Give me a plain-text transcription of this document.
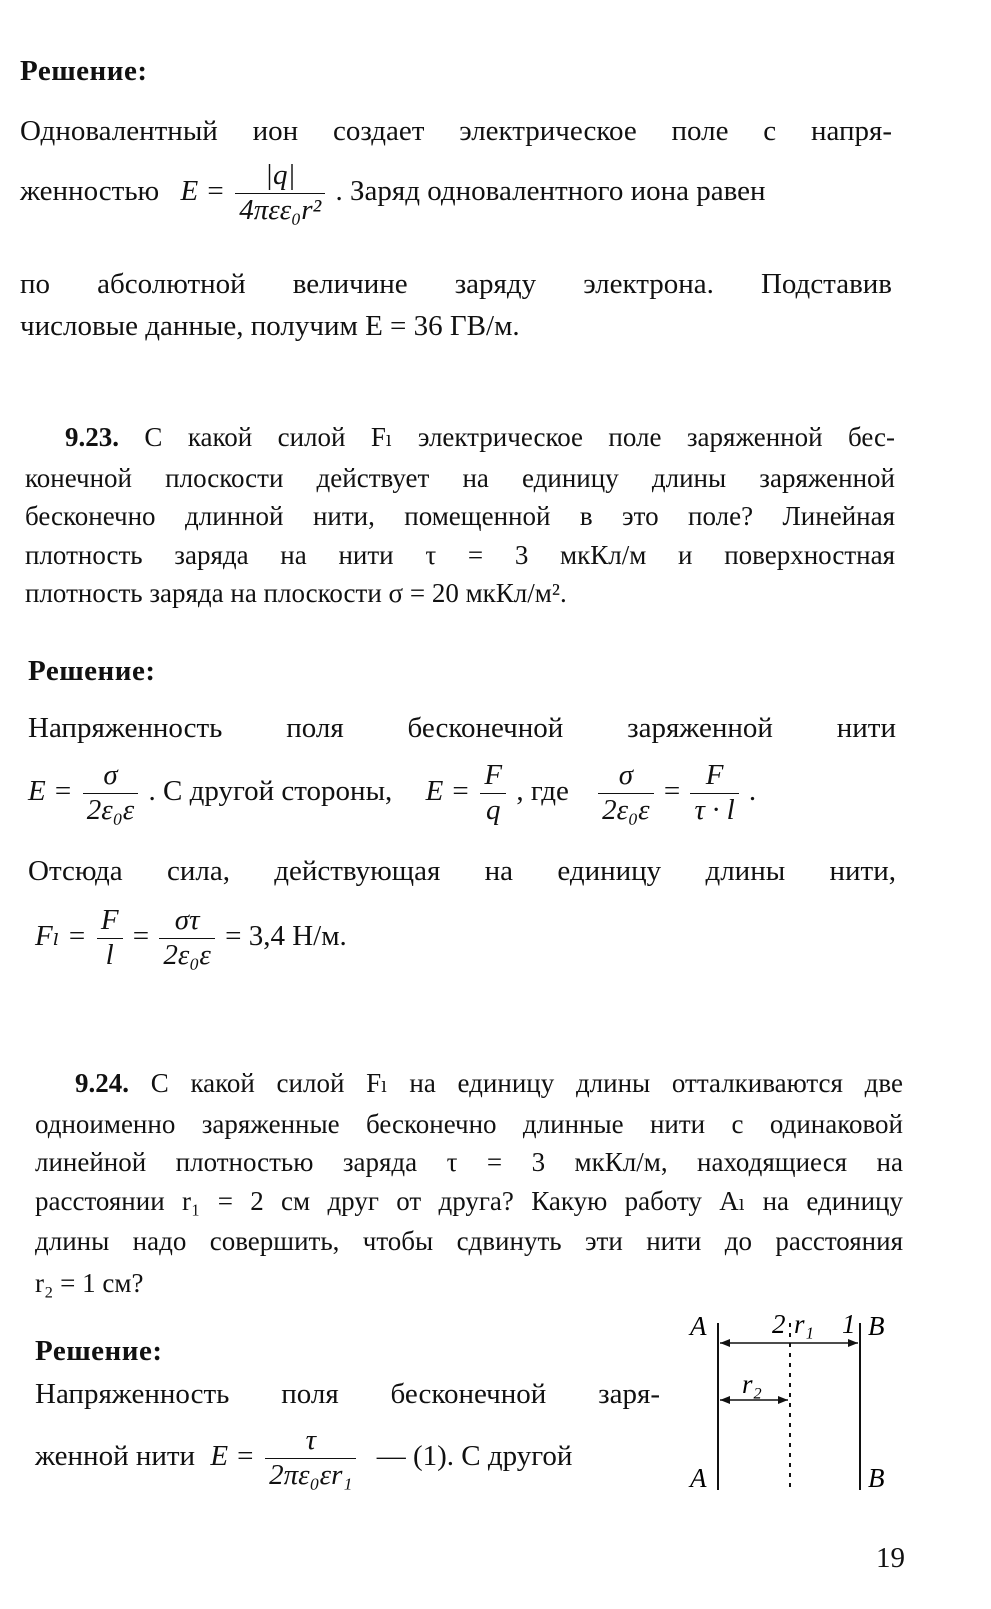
Решение:
Одновалентный ион создает электрическое поле с напря-
женностью $E = \frac{|q|}{\text{4πεε₀r²}}$ . Заряд одновалентного иона равен
по абсолютной величине заряду электрона. Подставив
числовые данные, получим E = 36 ГВ/м.
9.23. С какой силой Fₗ электрическое поле заряженной бес-
конечной плоскости действует на единицу длины заряженной
бесконечно длинной нити, помещенной в это поле? Линейная
плотность заряда на нити τ = 3 мкКл/м и поверхностная
плотность заряда на плоскости σ = 20 мкКл/м².
Решение:
Напряженность поля бесконечной заряженной нити
$E = \frac{\sigma}{\text{2ε₀ε}}$ . С другой стороны, $E = \frac{F}{q}$ , где $\frac{\sigma}{\text{2ε₀ε}} = \frac{F}{\tau \cdot l}$ .
Отсюда сила, действующая на единицу длины нити,
$F_l = \frac{F}{l} = \frac{\sigma\tau}{\text{2ε₀ε}} = 3,4$ Н/м.
9.24. С какой силой Fₗ на единицу длины отталкиваются две
одноименно заряженные бесконечно длинные нити с одинаковой
линейной плотностью заряда τ = 3 мкКл/м, находящиеся на
расстоянии r₁ = 2 см друг от друга? Какую работу Aₗ на единицу
длины надо совершить, чтобы сдвинуть эти нити до расстояния
r₂ = 1 см?
Решение:
Напряженность поля бесконечной заря-
женной нити $E = \frac{\tau}{\text{2πε₀εr₁}}$ — (1). С другой
A	B
A	B
2 r₁ 1
r₂
19
